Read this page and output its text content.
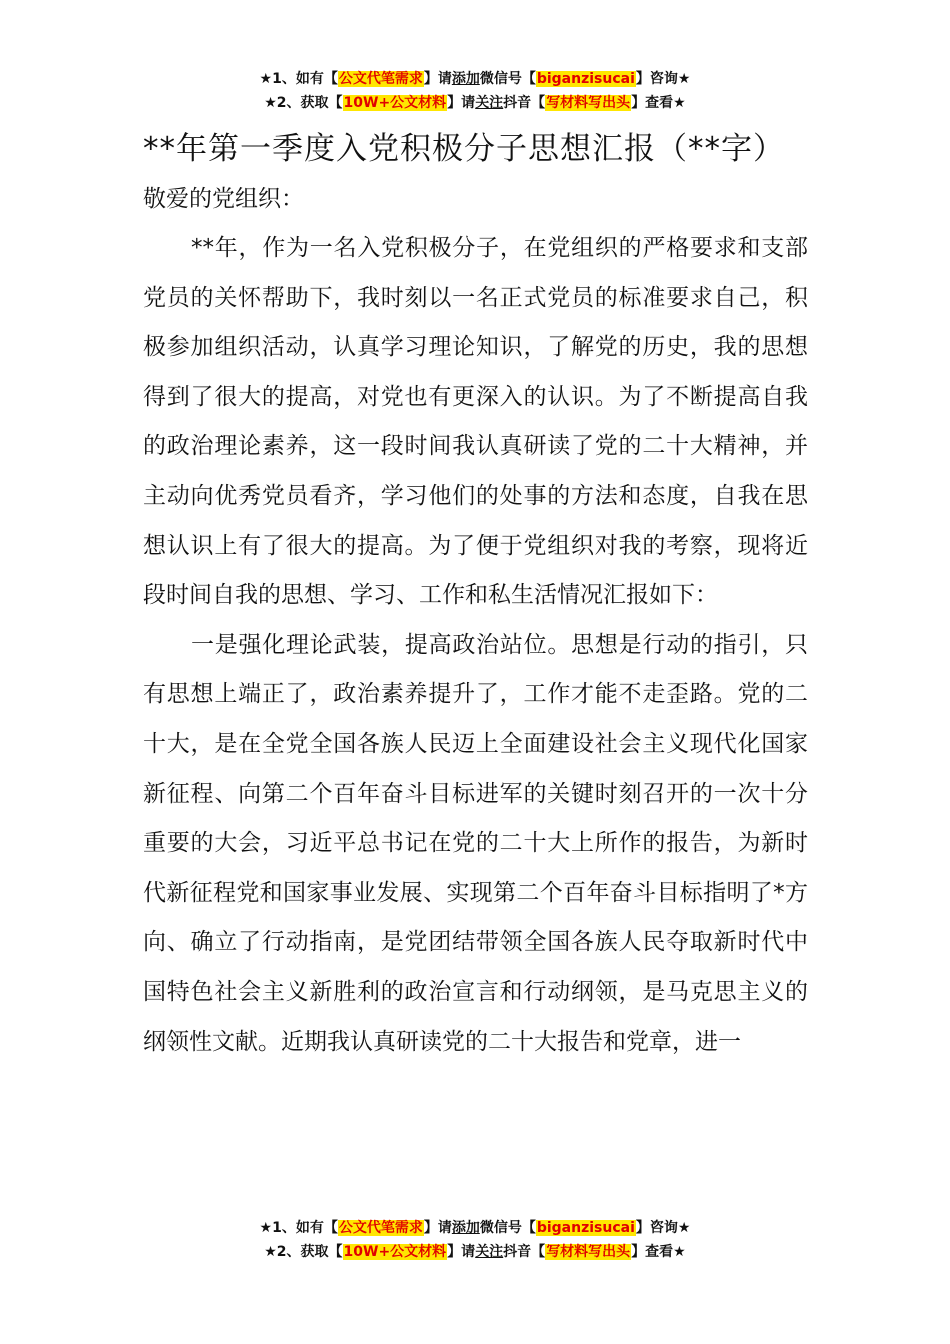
★1、如有【公文代笔需求】请添加微信号【biganzisucai】咨询★
★2、获取【10W+公文材料】请关注抖音【写材料写出头】查看★
**年第一季度入党积极分子思想汇报（**字）

敬爱的党组织：

**年，作为一名入党积极分子，在党组织的严格要求和支部党员的关怀帮助下，我时刻以一名正式党员的标准要求自己，积极参加组织活动，认真学习理论知识，了解党的历史，我的思想得到了很大的提高，对党也有更深入的认识。为了不断提高自我的政治理论素养，这一段时间我认真研读了党的二十大精神，并主动向优秀党员看齐，学习他们的处事的方法和态度，自我在思想认识上有了很大的提高。为了便于党组织对我的考察，现将近段时间自我的思想、学习、工作和私生活情况汇报如下：

一是强化理论武装，提高政治站位。思想是行动的指引，只有思想上端正了，政治素养提升了，工作才能不走歪路。党的二十大，是在全党全国各族人民迈上全面建设社会主义现代化国家新征程、向第二个百年奋斗目标进军的关键时刻召开的一次十分重要的大会，习近平总书记在党的二十大上所作的报告，为新时代新征程党和国家事业发展、实现第二个百年奋斗目标指明了*方向、确立了行动指南，是党团结带领全国各族人民夺取新时代中国特色社会主义新胜利的政治宣言和行动纲领，是马克思主义的纲领性文献。近期我认真研读党的二十大报告和党章，进一

★1、如有【公文代笔需求】请添加微信号【biganzisucai】咨询★
★2、获取【10W+公文材料】请关注抖音【写材料写出头】查看★
